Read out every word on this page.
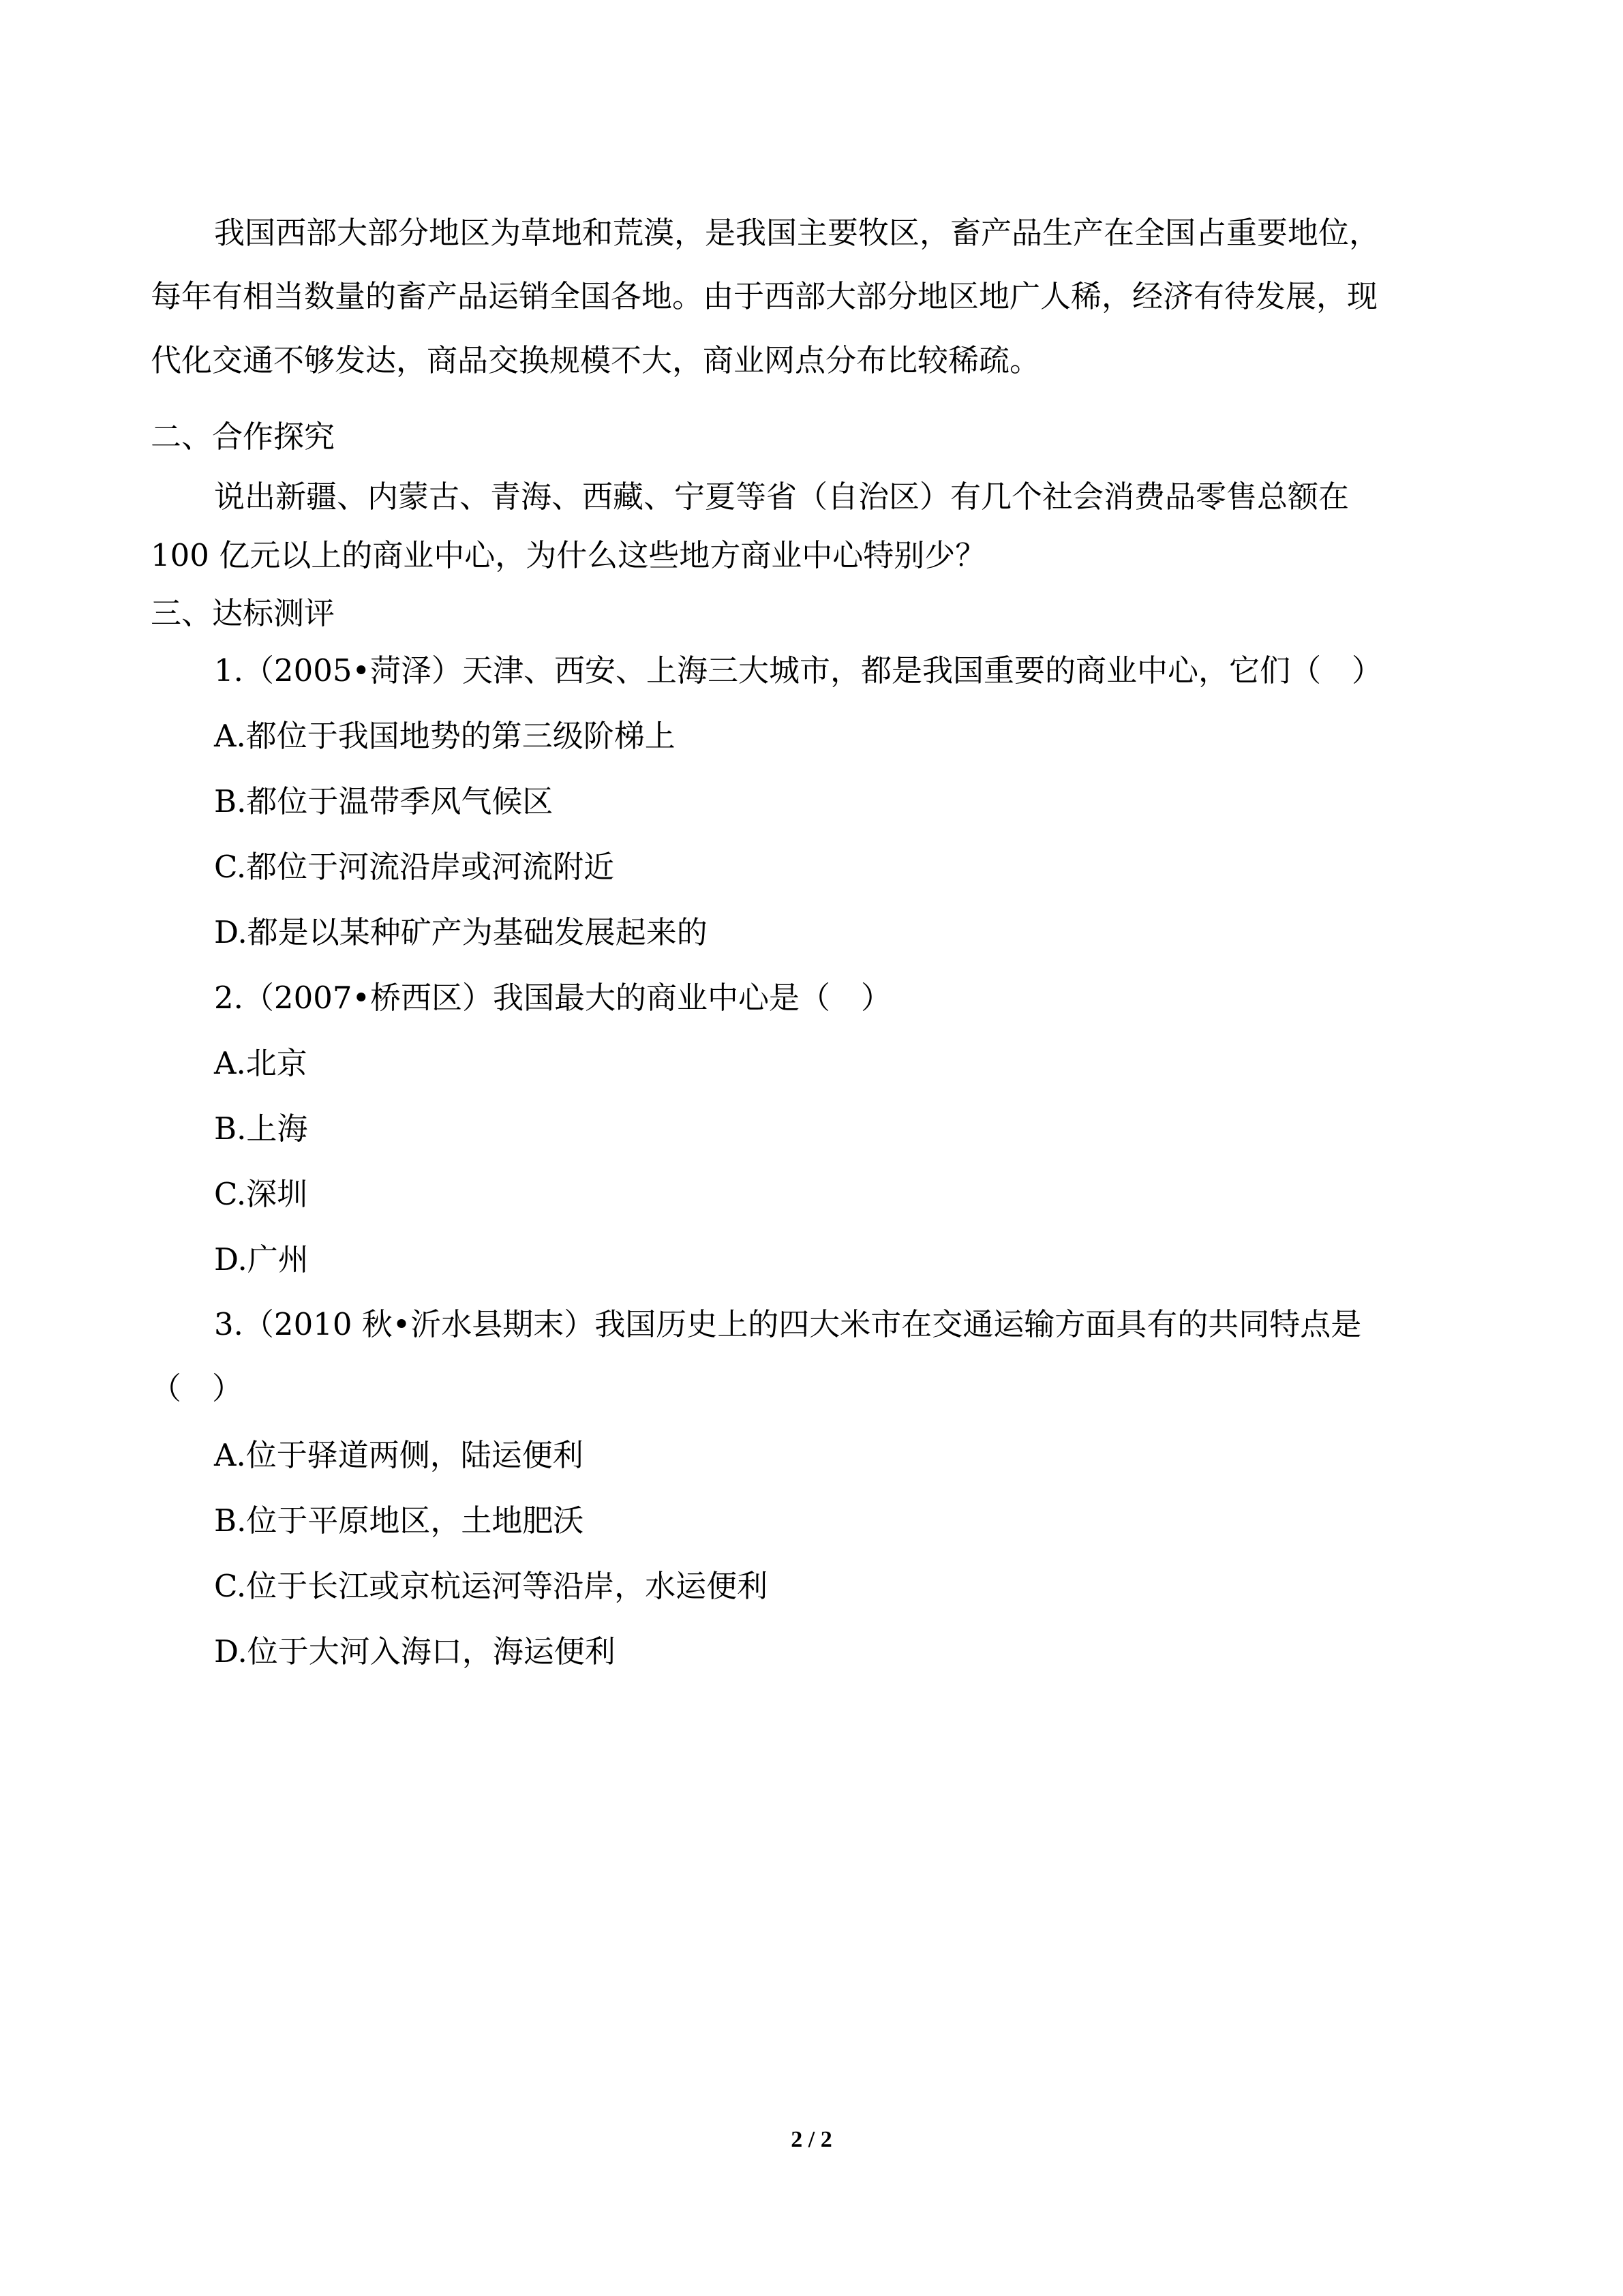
我国西部大部分地区为草地和荒漠，是我国主要牧区，畜产品生产在全国占重要地位，
每年有相当数量的畜产品运销全国各地。由于西部大部分地区地广人稀，经济有待发展，现
代化交通不够发达，商品交换规模不大，商业网点分布比较稀疏。
二、合作探究
说出新疆、内蒙古、青海、西藏、宁夏等省（自治区）有几个社会消费品零售总额在
100 亿元以上的商业中心，为什么这些地方商业中心特别少？
三、达标测评
1.（2005•菏泽）天津、西安、上海三大城市，都是我国重要的商业中心，它们（　）
A.都位于我国地势的第三级阶梯上
B.都位于温带季风气候区
C.都位于河流沿岸或河流附近
D.都是以某种矿产为基础发展起来的
2.（2007•桥西区）我国最大的商业中心是（　）
A.北京
B.上海
C.深圳
D.广州
3.（2010 秋•沂水县期末）我国历史上的四大米市在交通运输方面具有的共同特点是
（　）
A.位于驿道两侧，陆运便利
B.位于平原地区，土地肥沃
C.位于长江或京杭运河等沿岸，水运便利
D.位于大河入海口，海运便利
2 / 2
